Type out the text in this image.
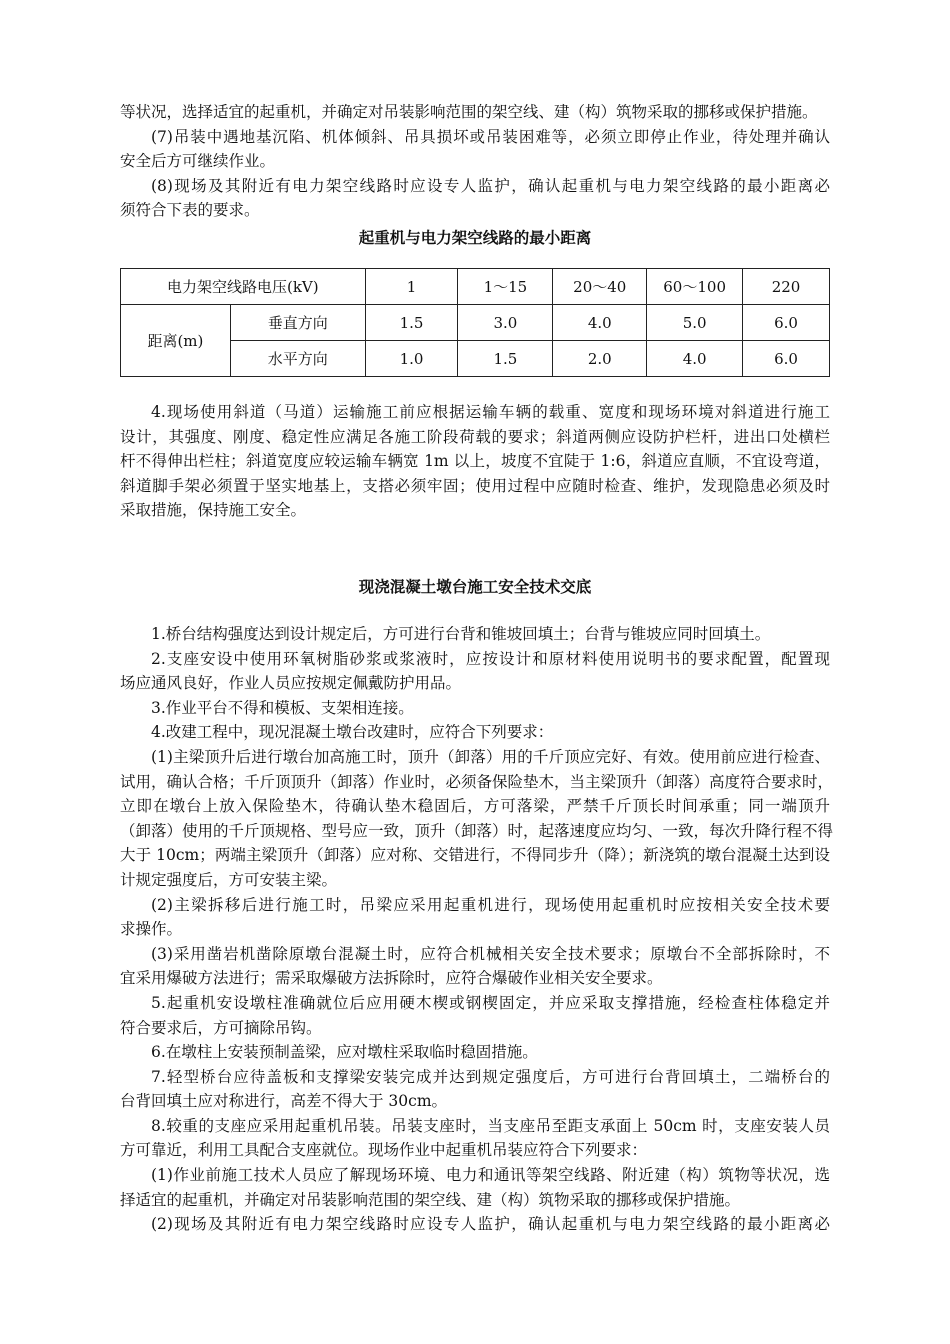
等状况，选择适宜的起重机，并确定对吊装影响范围的架空线、建（构）筑物采取的挪移或保护措施。
(7)吊装中遇地基沉陷、机体倾斜、吊具损坏或吊装困难等，必须立即停止作业，待处理并确认
安全后方可继续作业。
(8)现场及其附近有电力架空线路时应设专人监护，确认起重机与电力架空线路的最小距离必
须符合下表的要求。
起重机与电力架空线路的最小距离
电力架空线路电压(kV)		1	1～15	20～40	60～100	220
距离(m)	垂直方向	1.5	3.0	4.0	5.0	6.0
	水平方向	1.0	1.5	2.0	4.0	6.0
4.现场使用斜道（马道）运输施工前应根据运输车辆的载重、宽度和现场环境对斜道进行施工
设计，其强度、刚度、稳定性应满足各施工阶段荷载的要求；斜道两侧应设防护栏杆，进出口处横栏
杆不得伸出栏柱；斜道宽度应较运输车辆宽 1m 以上，坡度不宜陡于 1:6，斜道应直顺，不宜设弯道，
斜道脚手架必须置于坚实地基上，支搭必须牢固；使用过程中应随时检查、维护，发现隐患必须及时
采取措施，保持施工安全。
现浇混凝土墩台施工安全技术交底
1.桥台结构强度达到设计规定后，方可进行台背和锥坡回填土；台背与锥坡应同时回填土。
2.支座安设中使用环氧树脂砂浆或浆液时，应按设计和原材料使用说明书的要求配置，配置现
场应通风良好，作业人员应按规定佩戴防护用品。
3.作业平台不得和模板、支架相连接。
4.改建工程中，现况混凝土墩台改建时，应符合下列要求：
(1)主梁顶升后进行墩台加高施工时，顶升（卸落）用的千斤顶应完好、有效。使用前应进行检查、
试用，确认合格；千斤顶顶升（卸落）作业时，必须备保险垫木，当主梁顶升（卸落）高度符合要求时，
立即在墩台上放入保险垫木，待确认垫木稳固后，方可落梁，严禁千斤顶长时间承重；同一端顶升
（卸落）使用的千斤顶规格、型号应一致，顶升（卸落）时，起落速度应均匀、一致，每次升降行程不得
大于 10cm；两端主梁顶升（卸落）应对称、交错进行，不得同步升（降）；新浇筑的墩台混凝土达到设
计规定强度后，方可安装主梁。
(2)主梁拆移后进行施工时，吊梁应采用起重机进行，现场使用起重机时应按相关安全技术要
求操作。
(3)采用凿岩机凿除原墩台混凝土时，应符合机械相关安全技术要求；原墩台不全部拆除时，不
宜采用爆破方法进行；需采取爆破方法拆除时，应符合爆破作业相关安全要求。
5.起重机安设墩柱准确就位后应用硬木楔或钢楔固定，并应采取支撑措施，经检查柱体稳定并
符合要求后，方可摘除吊钩。
6.在墩柱上安装预制盖梁，应对墩柱采取临时稳固措施。
7.轻型桥台应待盖板和支撑梁安装完成并达到规定强度后，方可进行台背回填土，二端桥台的
台背回填土应对称进行，高差不得大于 30cm。
8.较重的支座应采用起重机吊装。吊装支座时，当支座吊至距支承面上 50cm 时，支座安装人员
方可靠近，利用工具配合支座就位。现场作业中起重机吊装应符合下列要求：
(1)作业前施工技术人员应了解现场环境、电力和通讯等架空线路、附近建（构）筑物等状况，选
择适宜的起重机，并确定对吊装影响范围的架空线、建（构）筑物采取的挪移或保护措施。
(2)现场及其附近有电力架空线路时应设专人监护，确认起重机与电力架空线路的最小距离必
